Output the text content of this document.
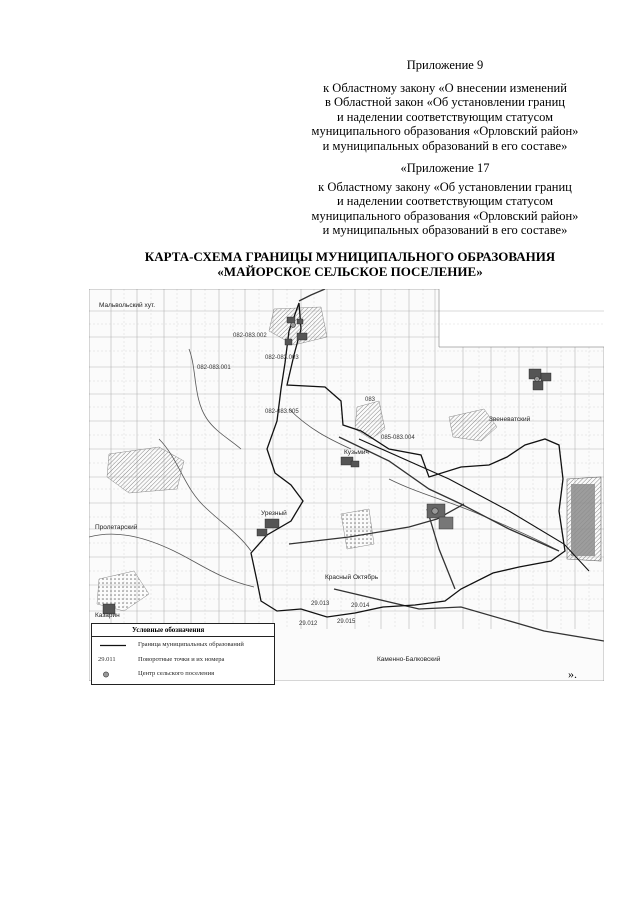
Приложение 9
к Областному закону «О внесении изменений
в Областной закон «Об установлении границ
и наделении соответствующим статусом
муниципального образования «Орловский район»
и муниципальных образований в его составе»
«Приложение 17
к Областному закону «Об установлении границ
и наделении соответствующим статусом
муниципального образования «Орловский район»
и муниципальных образований в его составе»
КАРТА-СХЕМА ГРАНИЦЫ МУНИЦИПАЛЬНОГО ОБРАЗОВАНИЯ
«МАЙОРСКОЕ СЕЛЬСКОЕ ПОСЕЛЕНИЕ»
Мальвольский хут.
Пролетарский
Красный Октябрь
Кузьмич
Каменно-Балковский
Урезный
Казарин
Звеневатский
082-083.002
082-083.001
082-083.003
082-083.005
085-083.004
29.014
29.013
29.012
083
29.015
Условные обозначения
Граница муниципальных образований
29.011	Поворотные точки и их номера
Центр сельского поселения	».
